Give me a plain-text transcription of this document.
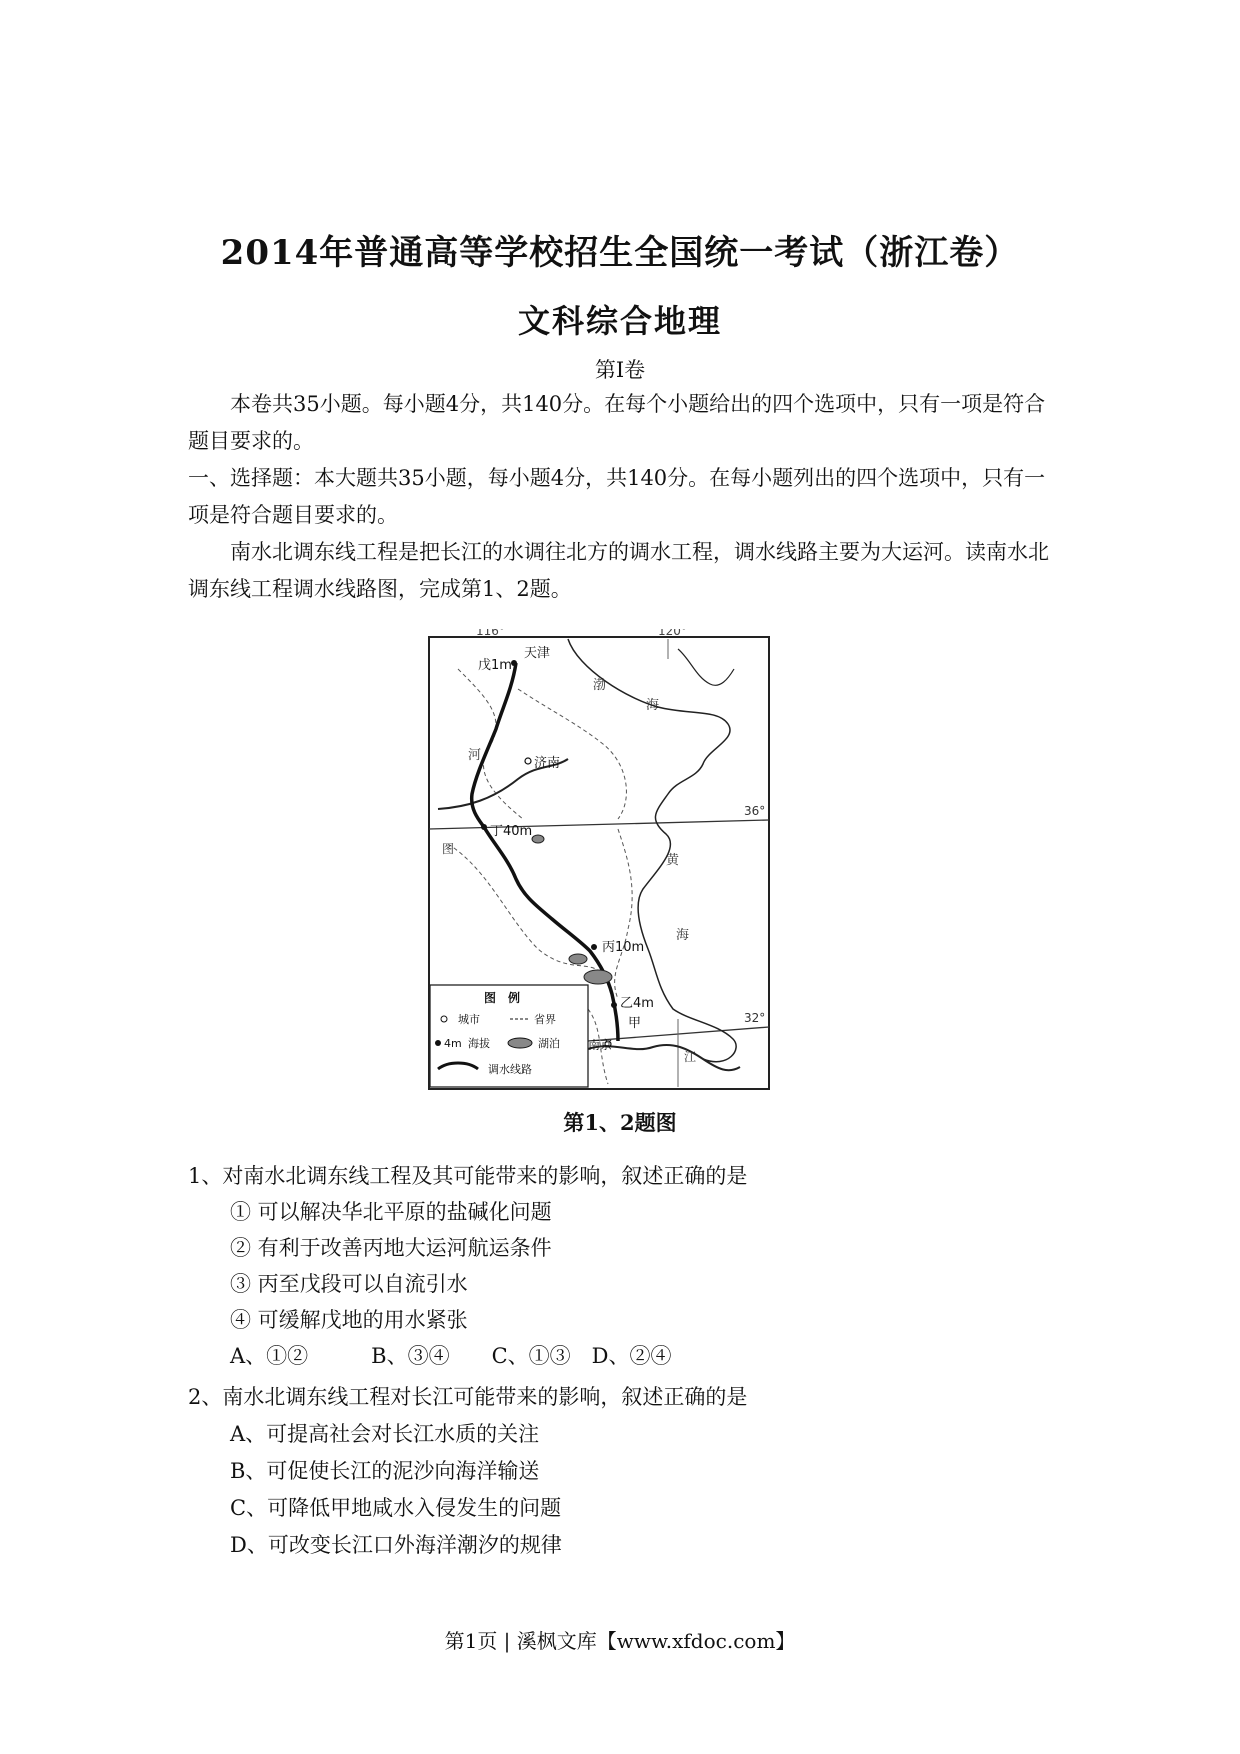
2014年普通高等学校招生全国统一考试（浙江卷）
文科综合地理
第Ⅰ卷
本卷共35小题。每小题4分，共140分。在每个小题给出的四个选项中，只有一项是符合题目要求的。
一、选择题：本大题共35小题，每小题4分，共140分。在每小题列出的四个选项中，只有一项是符合题目要求的。
南水北调东线工程是把长江的水调往北方的调水工程，调水线路主要为大运河。读南水北调东线工程调水线路图，完成第1、2题。
116°	120°
36°
32°
天津
戊1m
济南
丁40m
丙10m
乙4m
甲
南京
渤
海
黄
海
河
江
图
图　例
城市	省界
4m 海拔	湖泊
调水线路
第1、2题图
1、对南水北调东线工程及其可能带来的影响，叙述正确的是
① 可以解决华北平原的盐碱化问题
② 有利于改善丙地大运河航运条件
③ 丙至戊段可以自流引水
④ 可缓解戊地的用水紧张
A、①②　　　B、③④　　C、①③　D、②④
2、南水北调东线工程对长江可能带来的影响，叙述正确的是
A、可提高社会对长江水质的关注
B、可促使长江的泥沙向海洋输送
C、可降低甲地咸水入侵发生的问题
D、可改变长江口外海洋潮汐的规律
第1页 | 溪枫文库【www.xfdoc.com】
